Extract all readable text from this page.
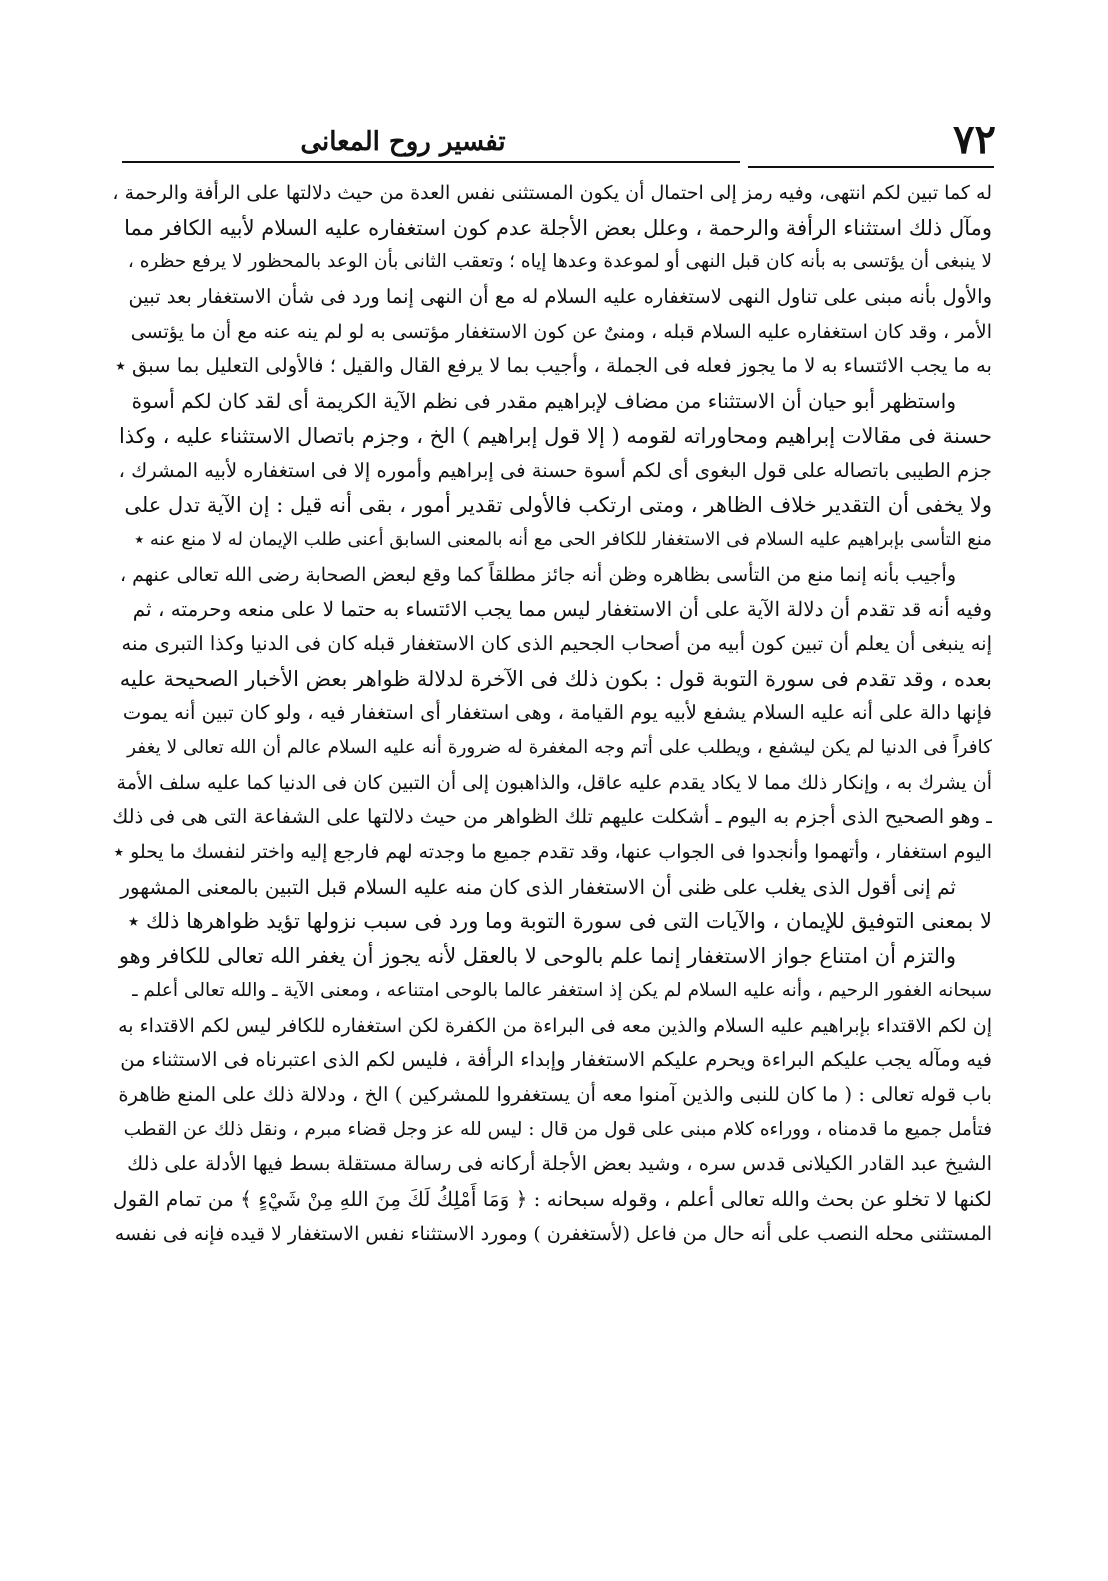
٧٢
تفسير روح المعانى
له كما تبين لكم انتهى، وفيه رمز إلى احتمال أن يكون المستثنى نفس العدة من حيث دلالتها على الرأفة والرحمة ،
ومآل ذلك استثناء الرأفة والرحمة ، وعلل بعض الأجلة عدم كون استغفاره عليه السلام لأبيه الكافر مما
لا ينبغى أن يؤتسى به بأنه كان قبل النهى أو لموعدة وعدها إياه ؛ وتعقب الثانى بأن الوعد بالمحظور لا يرفع حظره ،
والأول بأنه مبنى على تناول النهى لاستغفاره عليه السلام له مع أن النهى إنما ورد فى شأن الاستغفار بعد تبين
الأمر ، وقد كان استغفاره عليه السلام قبله ، ومنىٌ عن كون الاستغفار مؤتسى به لو لم ينه عنه مع أن ما يؤتسى
به ما يجب الائتساء به لا ما يجوز فعله فى الجملة ، وأجيب بما لا يرفع القال والقيل ؛ فالأولى التعليل بما سبق ٭
واستظهر أبو حيان أن الاستثناء من مضاف لإبراهيم مقدر فى نظم الآية الكريمة أى لقد كان لكم أسوة
حسنة فى مقالات إبراهيم ومحاوراته لقومه ( إلا قول إبراهيم ) الخ ، وجزم باتصال الاستثناء عليه ، وكذا
جزم الطيبى باتصاله على قول البغوى أى لكم أسوة حسنة فى إبراهيم وأموره إلا فى استغفاره لأبيه المشرك ،
ولا يخفى أن التقدير خلاف الظاهر ، ومتى ارتكب فالأولى تقدير أمور ، بقى أنه قيل : إن الآية تدل على
منع التأسى بإبراهيم عليه السلام فى الاستغفار للكافر الحى مع أنه بالمعنى السابق أعنى طلب الإيمان له لا منع عنه ٭
وأجيب بأنه إنما منع من التأسى بظاهره وظن أنه جائز مطلقاً كما وقع لبعض الصحابة رضى الله تعالى عنهم ،
وفيه أنه قد تقدم أن دلالة الآية على أن الاستغفار ليس مما يجب الائتساء به حتما لا على منعه وحرمته ، ثم
إنه ينبغى أن يعلم أن تبين كون أبيه من أصحاب الجحيم الذى كان الاستغفار قبله كان فى الدنيا وكذا التبرى منه
بعده ، وقد تقدم فى سورة التوبة قول : بكون ذلك فى الآخرة لدلالة ظواهر بعض الأخبار الصحيحة عليه
فإنها دالة على أنه عليه السلام يشفع لأبيه يوم القيامة ، وهى استغفار أى استغفار فيه ، ولو كان تبين أنه يموت
كافراً فى الدنيا لم يكن ليشفع ، ويطلب على أتم وجه المغفرة له ضرورة أنه عليه السلام عالم أن الله تعالى لا يغفر
أن يشرك به ، وإنكار ذلك مما لا يكاد يقدم عليه عاقل، والذاهبون إلى أن التبين كان فى الدنيا كما عليه سلف الأمة
ـ وهو الصحيح الذى أجزم به اليوم ـ أشكلت عليهم تلك الظواهر من حيث دلالتها على الشفاعة التى هى فى ذلك
اليوم استغفار ، وأتهموا وأنجدوا فى الجواب عنها، وقد تقدم جميع ما وجدته لهم فارجع إليه واختر لنفسك ما يحلو ٭
ثم إنى أقول الذى يغلب على ظنى أن الاستغفار الذى كان منه عليه السلام قبل التبين بالمعنى المشهور
لا بمعنى التوفيق للإيمان ، والآيات التى فى سورة التوبة وما ورد فى سبب نزولها تؤيد ظواهرها ذلك ٭
والتزم أن امتناع جواز الاستغفار إنما علم بالوحى لا بالعقل لأنه يجوز أن يغفر الله تعالى للكافر وهو
سبحانه الغفور الرحيم ، وأنه عليه السلام لم يكن إذ استغفر عالما بالوحى امتناعه ، ومعنى الآية ـ والله تعالى أعلم ـ
إن لكم الاقتداء بإبراهيم عليه السلام والذين معه فى البراءة من الكفرة لكن استغفاره للكافر ليس لكم الاقتداء به
فيه ومآله يجب عليكم البراءة ويحرم عليكم الاستغفار وإبداء الرأفة ، فليس لكم الذى اعتبرناه فى الاستثناء من
باب قوله تعالى : ( ما كان للنبى والذين آمنوا معه أن يستغفروا للمشركين ) الخ ، ودلالة ذلك على المنع ظاهرة
فتأمل جميع ما قدمناه ، ووراءه كلام مبنى على قول من قال : ليس لله عز وجل قضاء مبرم ، ونقل ذلك عن القطب
الشيخ عبد القادر الكيلانى قدس سره ، وشيد بعض الأجلة أركانه فى رسالة مستقلة بسط فيها الأدلة على ذلك
لكنها لا تخلو عن بحث والله تعالى أعلم ، وقوله سبحانه : ﴿ وَمَا أَمْلِكُ لَكَ مِنَ اللهِ مِنْ شَيْءٍ ﴾ من تمام القول
المستثنى محله النصب على أنه حال من فاعل (لأستغفرن ) ومورد الاستثناء نفس الاستغفار لا قيده فإنه فى نفسه
